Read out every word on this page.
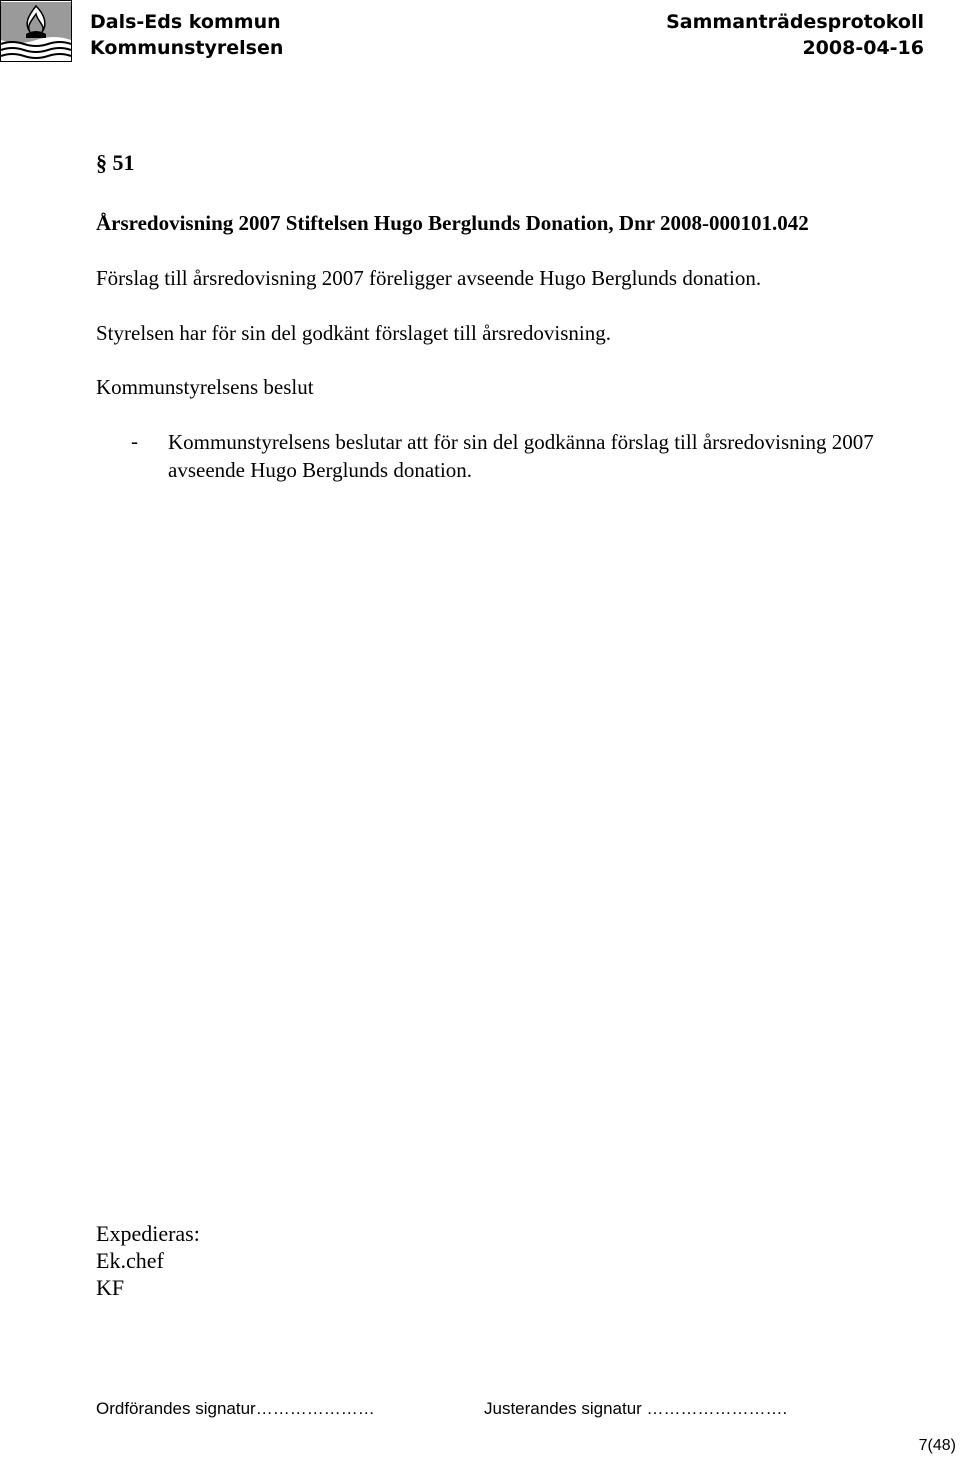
Dals-Eds kommun
Kommunstyrelsen
Sammanträdesprotokoll
2008-04-16
§ 51
Årsredovisning 2007 Stiftelsen Hugo Berglunds Donation, Dnr 2008-000101.042
Förslag till årsredovisning 2007 föreligger avseende Hugo Berglunds donation.
Styrelsen har för sin del godkänt förslaget till årsredovisning.
Kommunstyrelsens beslut
- Kommunstyrelsens beslutar att för sin del godkänna förslag till årsredovisning 2007 avseende Hugo Berglunds donation.
Expedieras:
Ek.chef
KF
Ordförandes signatur…………………	Justerandes signatur …………………….
7(48)
